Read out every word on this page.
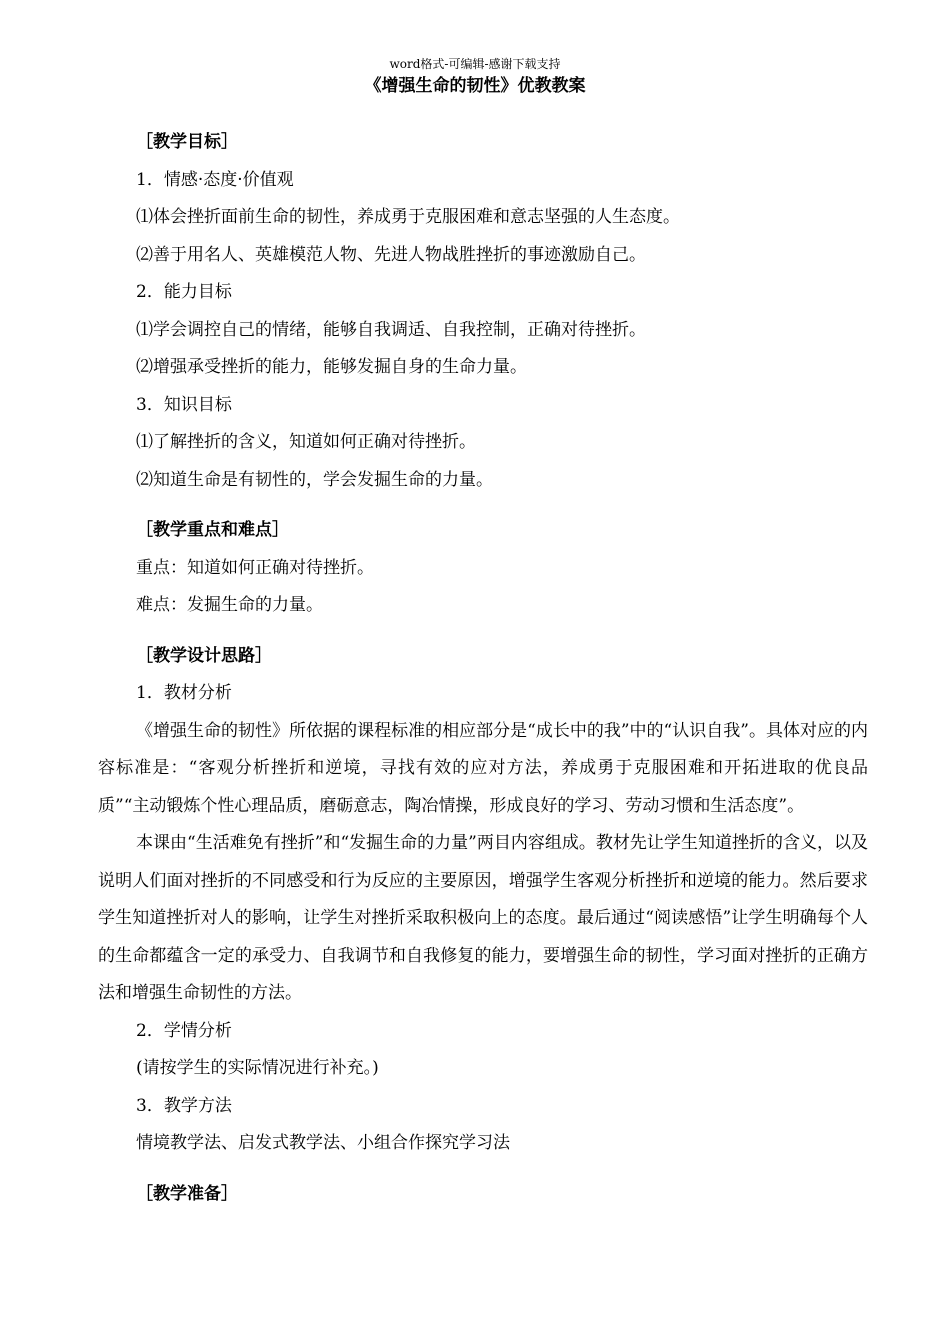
word格式-可编辑-感谢下载支持
《增强生命的韧性》优教教案
［教学目标］
1．情感·态度·价值观
⑴体会挫折面前生命的韧性，养成勇于克服困难和意志坚强的人生态度。
⑵善于用名人、英雄模范人物、先进人物战胜挫折的事迹激励自己。
2．能力目标
⑴学会调控自己的情绪，能够自我调适、自我控制，正确对待挫折。
⑵增强承受挫折的能力，能够发掘自身的生命力量。
3．知识目标
⑴了解挫折的含义，知道如何正确对待挫折。
⑵知道生命是有韧性的，学会发掘生命的力量。
［教学重点和难点］
重点：知道如何正确对待挫折。
难点：发掘生命的力量。
［教学设计思路］
1．教材分析
《增强生命的韧性》所依据的课程标准的相应部分是“成长中的我”中的“认识自我”。具体对应的内容标准是：“客观分析挫折和逆境，寻找有效的应对方法，养成勇于克服困难和开拓进取的优良品质”“主动锻炼个性心理品质，磨砺意志，陶冶情操，形成良好的学习、劳动习惯和生活态度”。
本课由“生活难免有挫折”和“发掘生命的力量”两目内容组成。教材先让学生知道挫折的含义，以及说明人们面对挫折的不同感受和行为反应的主要原因，增强学生客观分析挫折和逆境的能力。然后要求学生知道挫折对人的影响，让学生对挫折采取积极向上的态度。最后通过“阅读感悟”让学生明确每个人的生命都蕴含一定的承受力、自我调节和自我修复的能力，要增强生命的韧性，学习面对挫折的正确方法和增强生命韧性的方法。
2．学情分析
(请按学生的实际情况进行补充。)
3．教学方法
情境教学法、启发式教学法、小组合作探究学习法
［教学准备］
